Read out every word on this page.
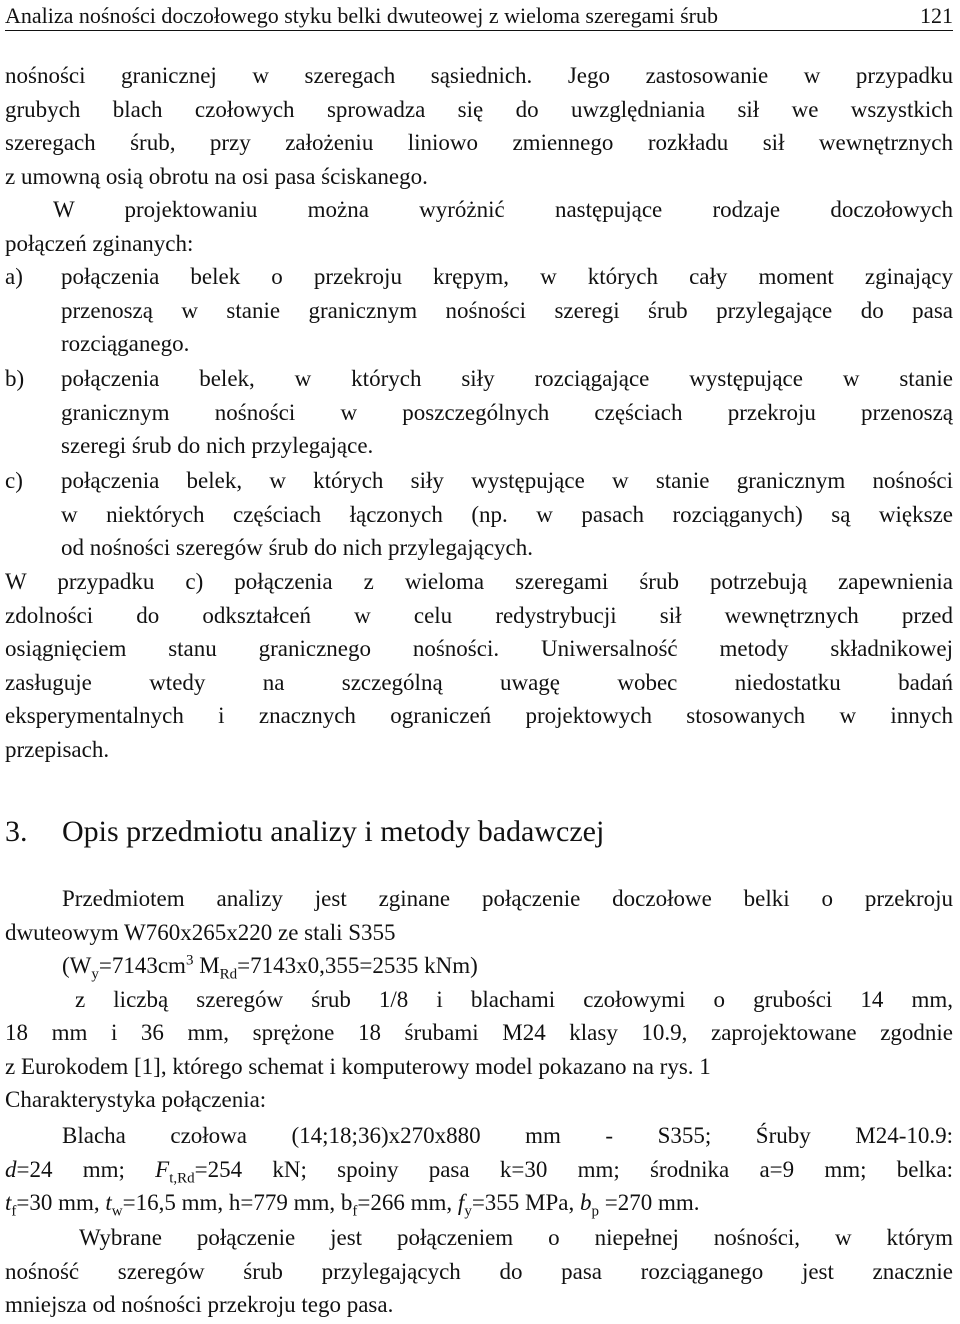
Analiza nośności doczołowego styku belki dwuteowej z wieloma szeregami śrub	121
nośności granicznej w szeregach sąsiednich. Jego zastosowanie w przypadku
grubych blach czołowych sprowadza się do uwzględniania sił we wszystkich
szeregach śrub, przy założeniu liniowo zmiennego rozkładu sił wewnętrznych
z umowną osią obrotu na osi pasa ściskanego.
W projektowaniu można wyróżnić następujące rodzaje doczołowych
połączeń zginanych:
a)	połączenia belek o przekroju krępym, w których cały moment zginający
przenoszą w stanie granicznym nośności szeregi śrub przylegające do pasa
rozciąganego.
b)	połączenia belek, w których siły rozciągające występujące w stanie
granicznym nośności w poszczególnych częściach przekroju przenoszą
szeregi śrub do nich przylegające.
c)	połączenia belek, w których siły występujące w stanie granicznym nośności
w niektórych częściach łączonych (np. w pasach rozciąganych) są większe
od nośności szeregów śrub do nich przylegających.
W przypadku c) połączenia z wieloma szeregami śrub potrzebują zapewnienia
zdolności do odkształceń w celu redystrybucji sił wewnętrznych przed
osiągnięciem stanu granicznego nośności. Uniwersalność metody składnikowej
zasługuje wtedy na szczególną uwagę wobec niedostatku badań
eksperymentalnych i znacznych ograniczeń projektowych stosowanych w innych
przepisach.
3. Opis przedmiotu analizy i metody badawczej
Przedmiotem analizy jest zginane połączenie doczołowe belki o przekroju
dwuteowym W760x265x220 ze stali S355
($W_y=7143cm^3$ $M_{Rd}=7143x0,355=2535$ kNm)
z liczbą szeregów śrub 1/8 i blachami czołowymi o grubości 14 mm,
18 mm i 36 mm, sprężone 18 śrubami M24 klasy 10.9, zaprojektowane zgodnie
z Eurokodem [1], którego schemat i komputerowy model pokazano na rys. 1
Charakterystyka połączenia:
Blacha czołowa (14;18;36)x270x880 mm - S355; Śruby M24-10.9:
d=24 mm; $F_{t,Rd}=254$ kN; spoiny pasa k=30 mm; środnika a=9 mm; belka:
$t_f=30$ mm, $t_w=16,5$ mm, h=779 mm, $b_f=266$ mm, $f_y=355$ MPa, $b_p =270$ mm.
Wybrane połączenie jest połączeniem o niepełnej nośności, w którym
nośność szeregów śrub przylegających do pasa rozciąganego jest znacznie
mniejsza od nośności przekroju tego pasa.
